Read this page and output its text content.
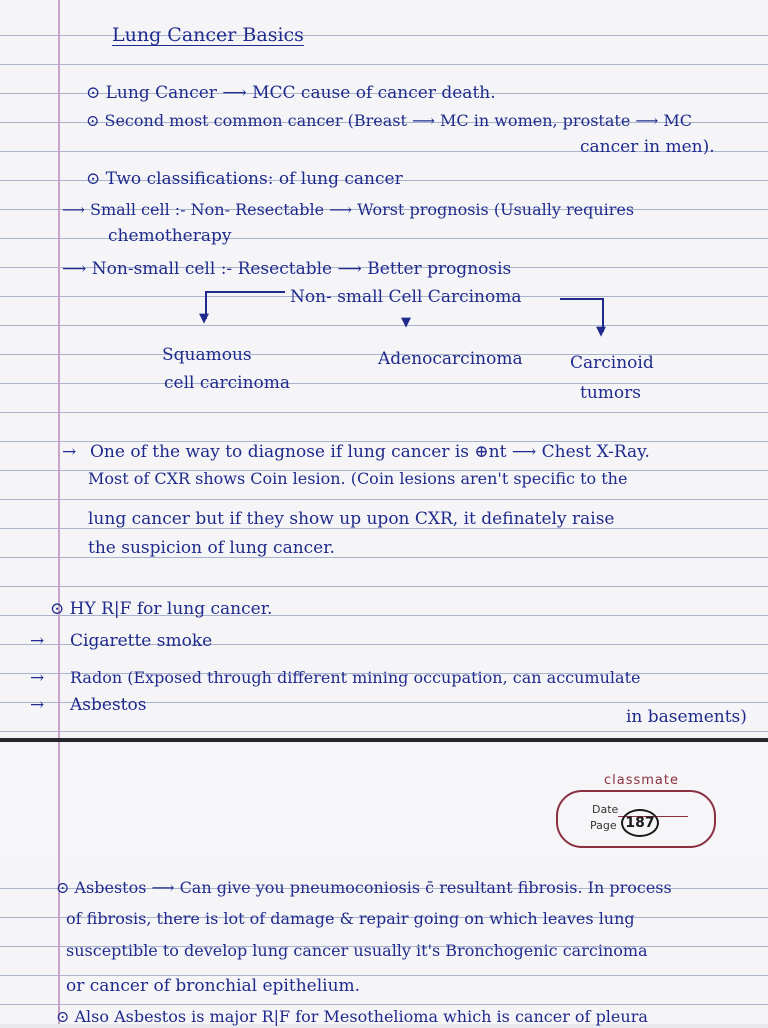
Lung Cancer Basics
⊙ Lung Cancer ⟶ MCC cause of cancer death.
⊙ Second most common cancer (Breast ⟶ MC in women, prostate ⟶ MC
cancer in men).
⊙ Two classifications: of lung cancer
⟶ Small cell :- Non- Resectable ⟶ Worst prognosis (Usually requires
chemotherapy
⟶ Non-small cell :- Resectable ⟶ Better prognosis
Non- small Cell Carcinoma
▼	▼
▼
Squamous
cell carcinoma
Adenocarcinoma	Carcinoid
tumors
→ One of the way to diagnose if lung cancer is ⊕nt ⟶ Chest X-Ray.
Most of CXR shows Coin lesion. (Coin lesions aren't specific to the
lung cancer but if they show up upon CXR, it definately raise
the suspicion of lung cancer.
⊙ HY R|F for lung cancer.
→ Cigarette smoke
→ Radon (Exposed through different mining occupation, can accumulate
in basements)
→ Asbestos
classmate
Date
Page 187
⊙ Asbestos ⟶ Can give you pneumoconiosis c̄ resultant fibrosis. In process
of fibrosis, there is lot of damage & repair going on which leaves lung
susceptible to develop lung cancer usually it's Bronchogenic carcinoma
or cancer of bronchial epithelium.
⊙ Also Asbestos is major R|F for Mesothelioma which is cancer of pleura
